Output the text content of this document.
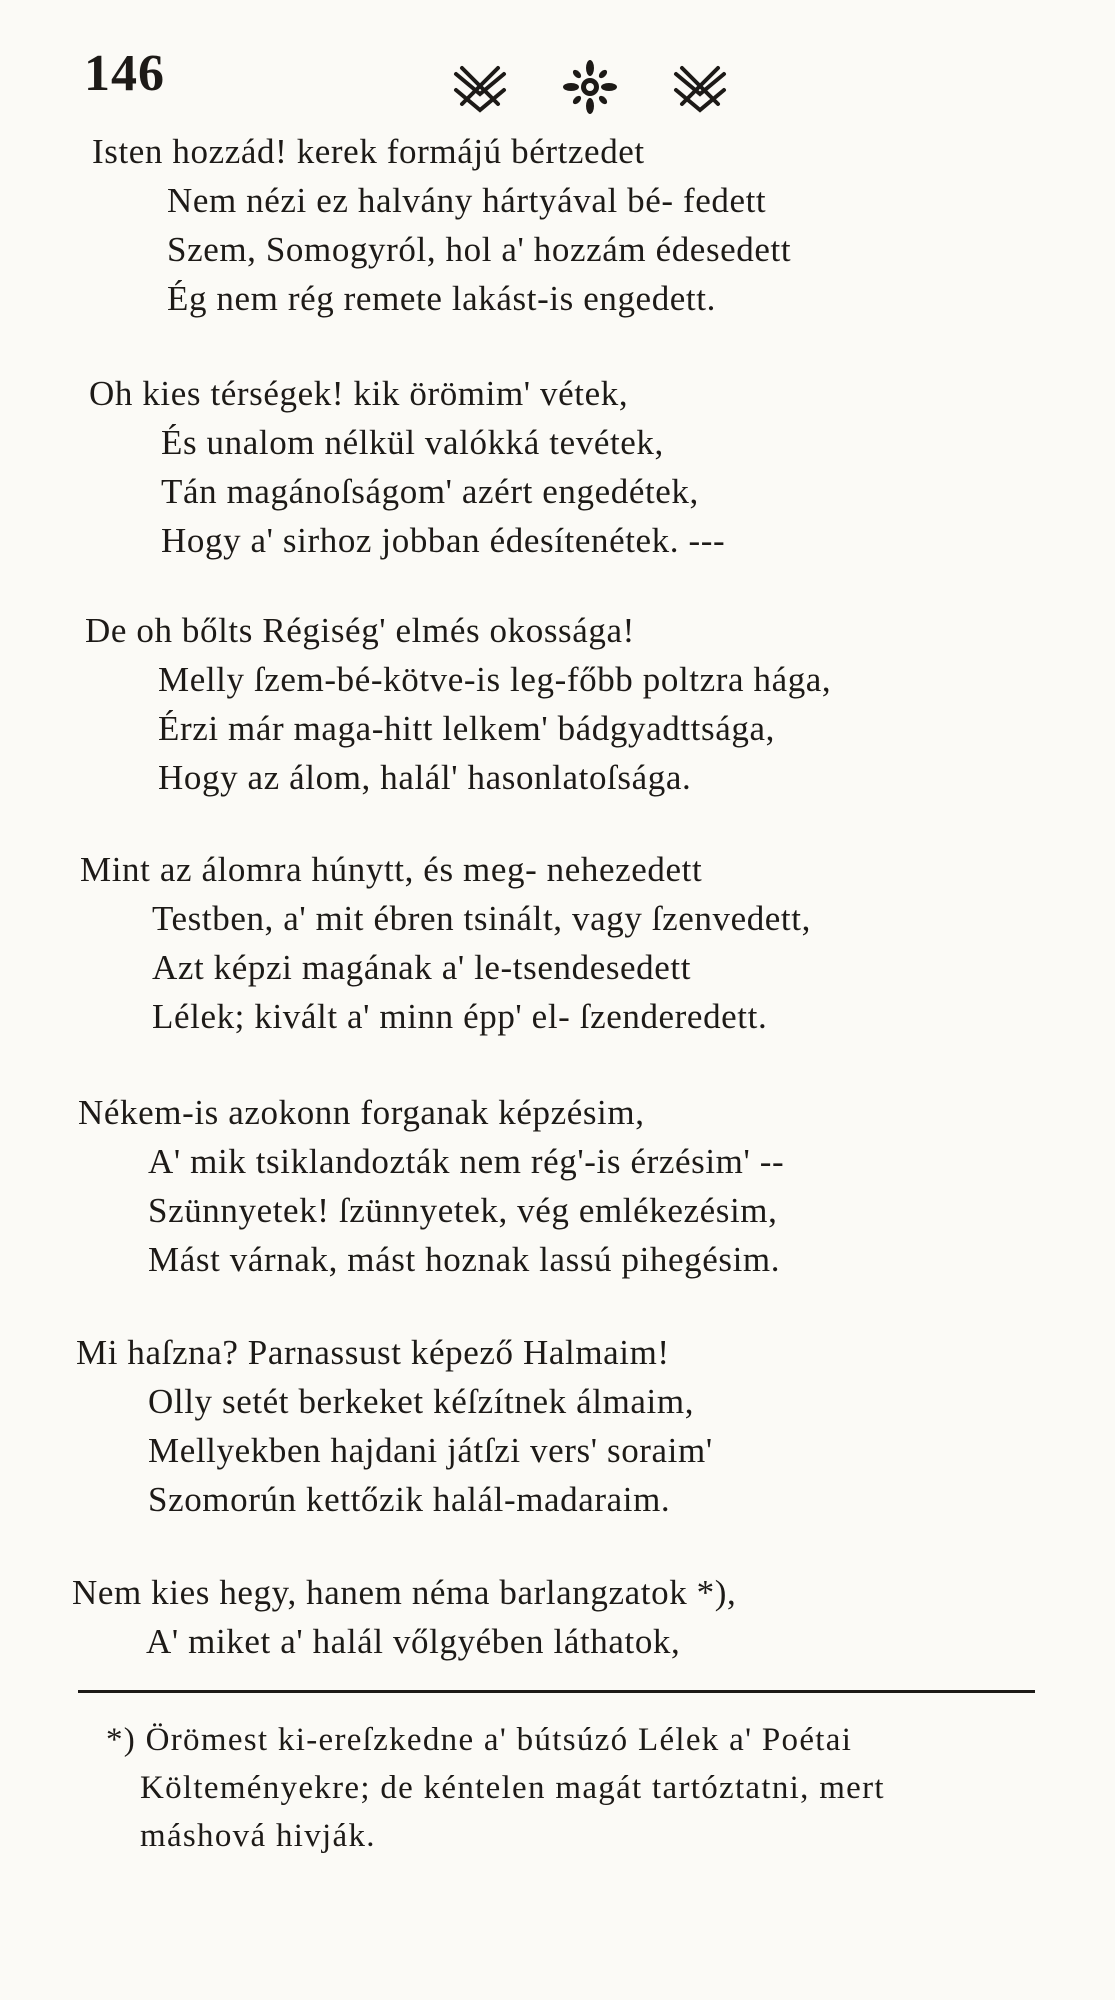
146
Isten hozzád! kerek formájú bértzedet
Nem nézi ez halvány hártyával bé- fedett
Szem, Somogyról, hol a' hozzám édesedett
Ég nem rég remete lakást-is engedett.
Oh kies térségek! kik örömim' vétek,
És unalom nélkül valókká tevétek,
Tán magánoſságom' azért engedétek,
Hogy a' sirhoz jobban édesítenétek. ---
De oh bőlts Régiség' elmés okossága!
Melly ſzem-bé-kötve-is leg-főbb poltzra hága,
Érzi már maga-hitt lelkem' bádgyadttsága,
Hogy az álom, halál' hasonlatoſsága.
Mint az álomra húnytt, és meg- nehezedett
Testben, a' mit ébren tsinált, vagy ſzenvedett,
Azt képzi magának a' le-tsendesedett
Lélek; kivált a' minn épp' el- ſzenderedett.
Nékem-is azokonn forganak képzésim,
A' mik tsiklandozták nem rég'-is érzésim' --
Szünnyetek! ſzünnyetek, vég emlékezésim,
Mást várnak, mást hoznak lassú pihegésim.
Mi haſzna? Parnassust képező Halmaim!
Olly setét berkeket kéſzítnek álmaim,
Mellyekben hajdani játſzi vers' soraim'
Szomorún kettőzik halál-madaraim.
Nem kies hegy, hanem néma barlangzatok *),
A' miket a' halál vőlgyében láthatok,
*) Örömest ki-ereſzkedne a' bútsúzó Lélek a' Poétai
Költeményekre; de kéntelen magát tartóztatni, mert
máshová hivják.
